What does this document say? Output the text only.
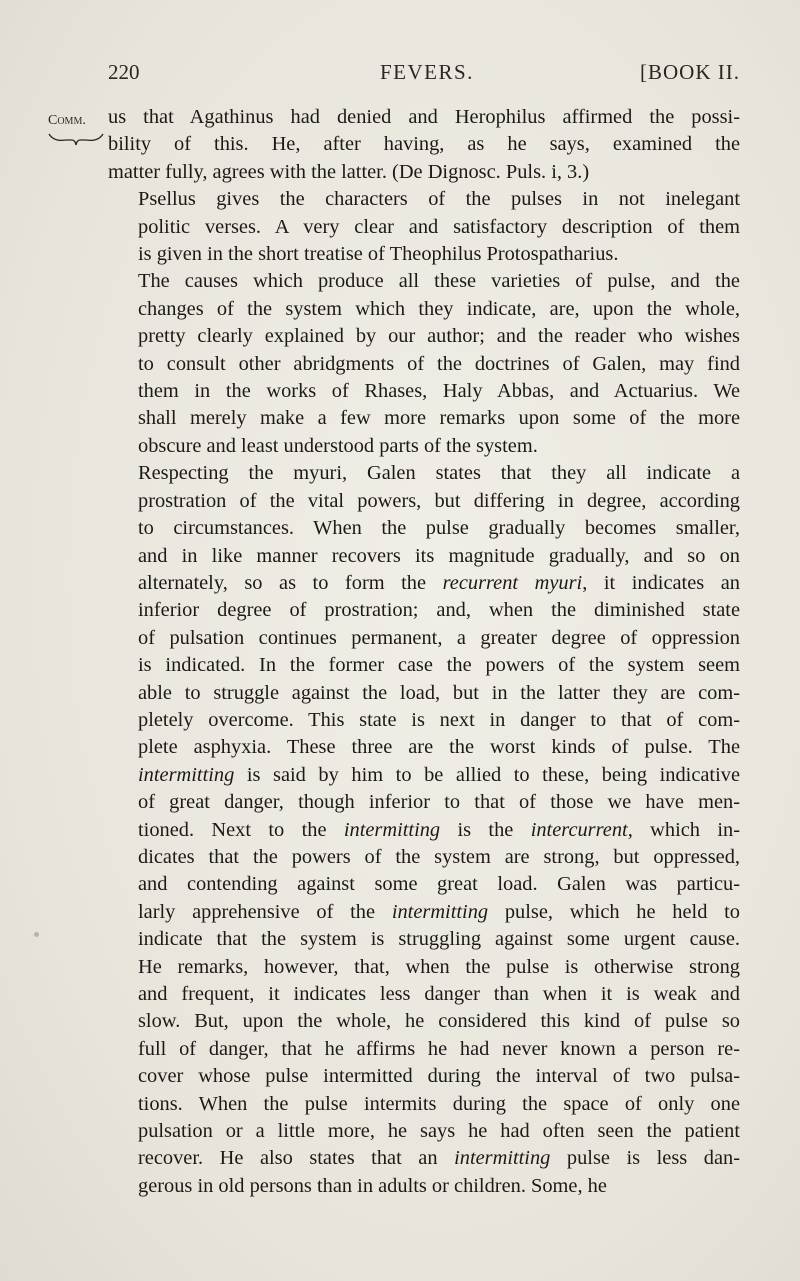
220	FEVERS.	[BOOK II.
Comm. us that Agathinus had denied and Herophilus affirmed the possi-
bility of this. He, after having, as he says, examined the
matter fully, agrees with the latter. (De Dignosc. Puls. i, 3.)

Psellus gives the characters of the pulses in not inelegant
politic verses. A very clear and satisfactory description of them
is given in the short treatise of Theophilus Protospatharius.

The causes which produce all these varieties of pulse, and the
changes of the system which they indicate, are, upon the whole,
pretty clearly explained by our author; and the reader who wishes
to consult other abridgments of the doctrines of Galen, may find
them in the works of Rhases, Haly Abbas, and Actuarius. We
shall merely make a few more remarks upon some of the more
obscure and least understood parts of the system.

Respecting the myuri, Galen states that they all indicate a
prostration of the vital powers, but differing in degree, according
to circumstances. When the pulse gradually becomes smaller,
and in like manner recovers its magnitude gradually, and so on
alternately, so as to form the recurrent myuri, it indicates an
inferior degree of prostration; and, when the diminished state
of pulsation continues permanent, a greater degree of oppression
is indicated. In the former case the powers of the system seem
able to struggle against the load, but in the latter they are com-
pletely overcome. This state is next in danger to that of com-
plete asphyxia. These three are the worst kinds of pulse. The
intermitting is said by him to be allied to these, being indicative
of great danger, though inferior to that of those we have men-
tioned. Next to the intermitting is the intercurrent, which in-
dicates that the powers of the system are strong, but oppressed,
and contending against some great load. Galen was particu-
larly apprehensive of the intermitting pulse, which he held to
indicate that the system is struggling against some urgent cause.
He remarks, however, that, when the pulse is otherwise strong
and frequent, it indicates less danger than when it is weak and
slow. But, upon the whole, he considered this kind of pulse so
full of danger, that he affirms he had never known a person re-
cover whose pulse intermitted during the interval of two pulsa-
tions. When the pulse intermits during the space of only one
pulsation or a little more, he says he had often seen the patient
recover. He also states that an intermitting pulse is less dan-
gerous in old persons than in adults or children. Some, he
